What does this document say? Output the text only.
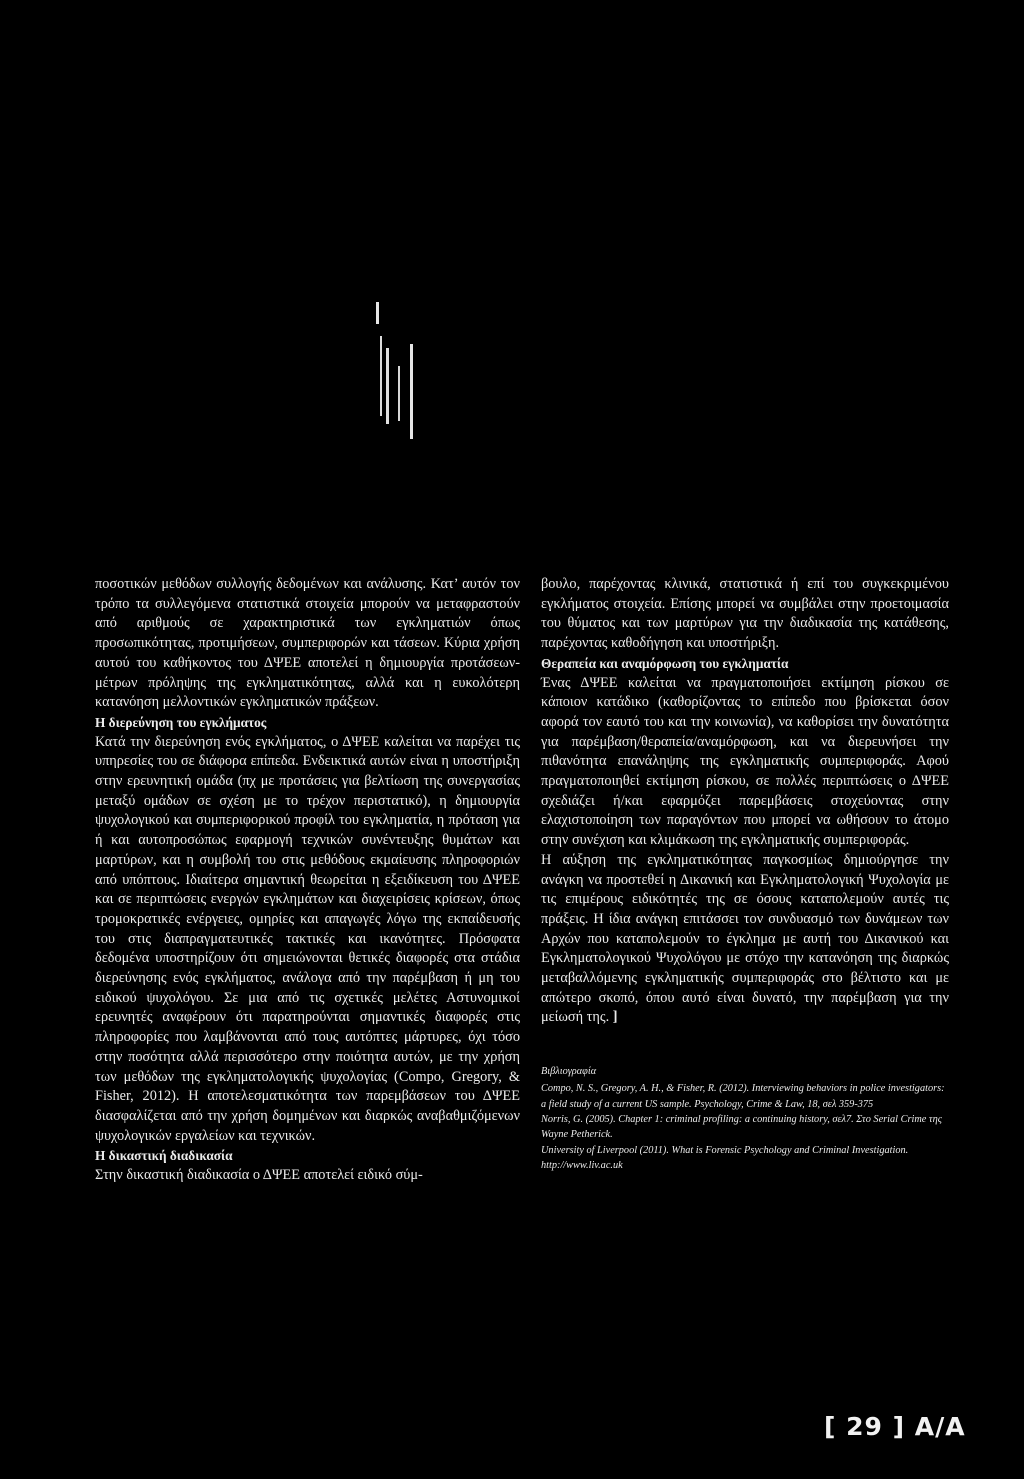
ποσοτικών μεθόδων συλλογής δεδομένων και ανάλυσης. Κατ’ αυτόν τον τρόπο τα συλλεγόμενα στατιστικά στοιχεία μπορούν να μεταφραστούν από αριθμούς σε χαρακτηριστικά των εγκληματιών όπως προσωπικότητας, προτιμήσεων, συμπεριφορών και τάσεων. Κύρια χρήση αυτού του καθήκοντος του ΔΨΕΕ αποτελεί η δημιουργία προτάσεων-μέτρων πρόληψης της εγκληματικότητας, αλλά και η ευκολότερη κατανόηση μελλοντικών εγκληματικών πράξεων.

Η διερεύνηση του εγκλήματος

Κατά την διερεύνηση ενός εγκλήματος, ο ΔΨΕΕ καλείται να παρέχει τις υπηρεσίες του σε διάφορα επίπεδα. Ενδεικτικά αυτών είναι η υποστήριξη στην ερευνητική ομάδα (πχ με προτάσεις για βελτίωση της συνεργασίας μεταξύ ομάδων σε σχέση με το τρέχον περιστατικό), η δημιουργία ψυχολογικού και συμπεριφορικού προφίλ του εγκληματία, η πρόταση για ή και αυτοπροσώπως εφαρμογή τεχνικών συνέντευξης θυμάτων και μαρτύρων, και η συμβολή του στις μεθόδους εκμαίευσης πληροφοριών από υπόπτους. Ιδιαίτερα σημαντική θεωρείται η εξειδίκευση του ΔΨΕΕ και σε περιπτώσεις ενεργών εγκλημάτων και διαχειρίσεις κρίσεων, όπως τρομοκρατικές ενέργειες, ομηρίες και απαγωγές λόγω της εκπαίδευσής του στις διαπραγματευτικές τακτικές και ικανότητες. Πρόσφατα δεδομένα υποστηρίζουν ότι σημειώνονται θετικές διαφορές στα στάδια διερεύνησης ενός εγκλήματος, ανάλογα από την παρέμβαση ή μη του ειδικού ψυχολόγου. Σε μια από τις σχετικές μελέτες Αστυνομικοί ερευνητές αναφέρουν ότι παρατηρούνται σημαντικές διαφορές στις πληροφορίες που λαμβάνονται από τους αυτόπτες μάρτυρες, όχι τόσο στην ποσότητα αλλά περισσότερο στην ποιότητα αυτών, με την χρήση των μεθόδων της εγκληματολογικής ψυχολογίας (Compo, Gregory, & Fisher, 2012). Η αποτελεσματικότητα των παρεμβάσεων του ΔΨΕΕ διασφαλίζεται από την χρήση δομημένων και διαρκώς αναβαθμιζόμενων ψυχολογικών εργαλείων και τεχνικών.

Η δικαστική διαδικασία

Στην δικαστική διαδικασία ο ΔΨΕΕ αποτελεί ειδικό σύμ-

βουλο, παρέχοντας κλινικά, στατιστικά ή επί του συγκεκριμένου εγκλήματος στοιχεία. Επίσης μπορεί να συμβάλει στην προετοιμασία του θύματος και των μαρτύρων για την διαδικασία της κατάθεσης, παρέχοντας καθοδήγηση και υποστήριξη.

Θεραπεία και αναμόρφωση του εγκληματία

Ένας ΔΨΕΕ καλείται να πραγματοποιήσει εκτίμηση ρίσκου σε κάποιον κατάδικο (καθορίζοντας το επίπεδο που βρίσκεται όσον αφορά τον εαυτό του και την κοινωνία), να καθορίσει την δυνατότητα για παρέμβαση/θεραπεία/αναμόρφωση, και να διερευνήσει την πιθανότητα επανάληψης της εγκληματικής συμπεριφοράς. Αφού πραγματοποιηθεί εκτίμηση ρίσκου, σε πολλές περιπτώσεις ο ΔΨΕΕ σχεδιάζει ή/και εφαρμόζει παρεμβάσεις στοχεύοντας στην ελαχιστοποίηση των παραγόντων που μπορεί να ωθήσουν το άτομο στην συνέχιση και κλιμάκωση της εγκληματικής συμπεριφοράς.

Η αύξηση της εγκληματικότητας παγκοσμίως δημιούργησε την ανάγκη να προστεθεί η Δικανική και Εγκληματολογική Ψυχολογία με τις επιμέρους ειδικότητές της σε όσους καταπολεμούν αυτές τις πράξεις. Η ίδια ανάγκη επιτάσσει τον συνδυασμό των δυνάμεων των Αρχών που καταπολεμούν το έγκλημα με αυτή του Δικανικού και Εγκληματολογικού Ψυχολόγου με στόχο την κατανόηση της διαρκώς μεταβαλλόμενης εγκληματικής συμπεριφοράς στο βέλτιστο και με απώτερο σκοπό, όπου αυτό είναι δυνατό, την παρέμβαση για την μείωσή της. ]

Βιβλιογραφία

Compo, N. S., Gregory, A. H., & Fisher, R. (2012). Interviewing behaviors in police investigators: a field study of a current US sample. Psychology, Crime & Law, 18, σελ 359-375

Norris, G. (2005). Chapter 1: criminal profiling: a continuing history, σελ7. Στο Serial Crime της Wayne Petherick.

University of Liverpool (2011). What is Forensic Psychology and Criminal Investigation. http://www.liv.ac.uk

[ 29 ] Α/Α
